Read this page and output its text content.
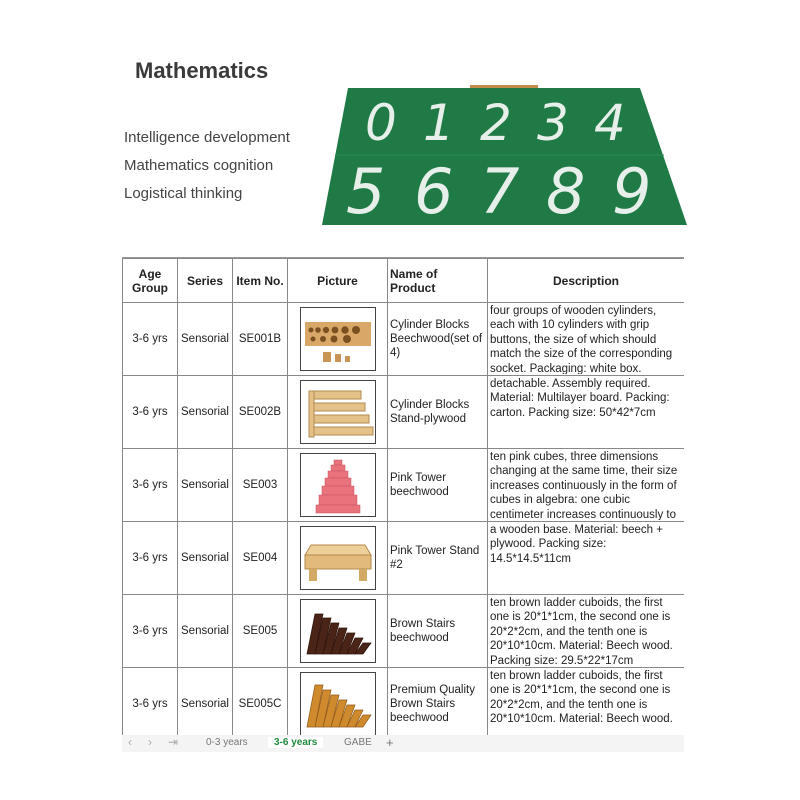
Mathematics
Intelligence development
Mathematics cognition
Logistical thinking
0 1 2 3 4
5 6 7 8 9
Age Group	Series	Item No.	Picture	Name of Product	Description
3-6 yrs	Sensorial	SE001B		Cylinder Blocks Beechwood(set of 4)	four groups of wooden cylinders, each with 10 cylinders with grip buttons, the size of which should match the size of the corresponding socket. Packaging: white box.

3-6 yrs	Sensorial	SE002B		Cylinder Blocks Stand-plywood	detachable. Assembly required. Material: Multilayer board. Packing: carton. Packing size: 50*42*7cm

3-6 yrs	Sensorial	SE003		Pink Tower beechwood	ten pink cubes, three dimensions changing at the same time, their size increases continuously in the form of cubes in algebra: one cubic centimeter increases continuously to

3-6 yrs	Sensorial	SE004		Pink Tower Stand #2	a wooden base. Material: beech + plywood. Packing size: 14.5*14.5*11cm

3-6 yrs	Sensorial	SE005		Brown Stairs beechwood	ten brown ladder cuboids, the first one is 20*1*1cm, the second one is 20*2*2cm, and the tenth one is 20*10*10cm. Material: Beech wood. Packing size: 29.5*22*17cm

3-6 yrs	Sensorial	SE005C		Premium Quality Brown Stairs beechwood	ten brown ladder cuboids, the first one is 20*1*1cm, the second one is 20*2*2cm, and the tenth one is 20*10*10cm. Material: Beech wood.
‹ › ⇥	0-3 years	3-6 years	GABE +
